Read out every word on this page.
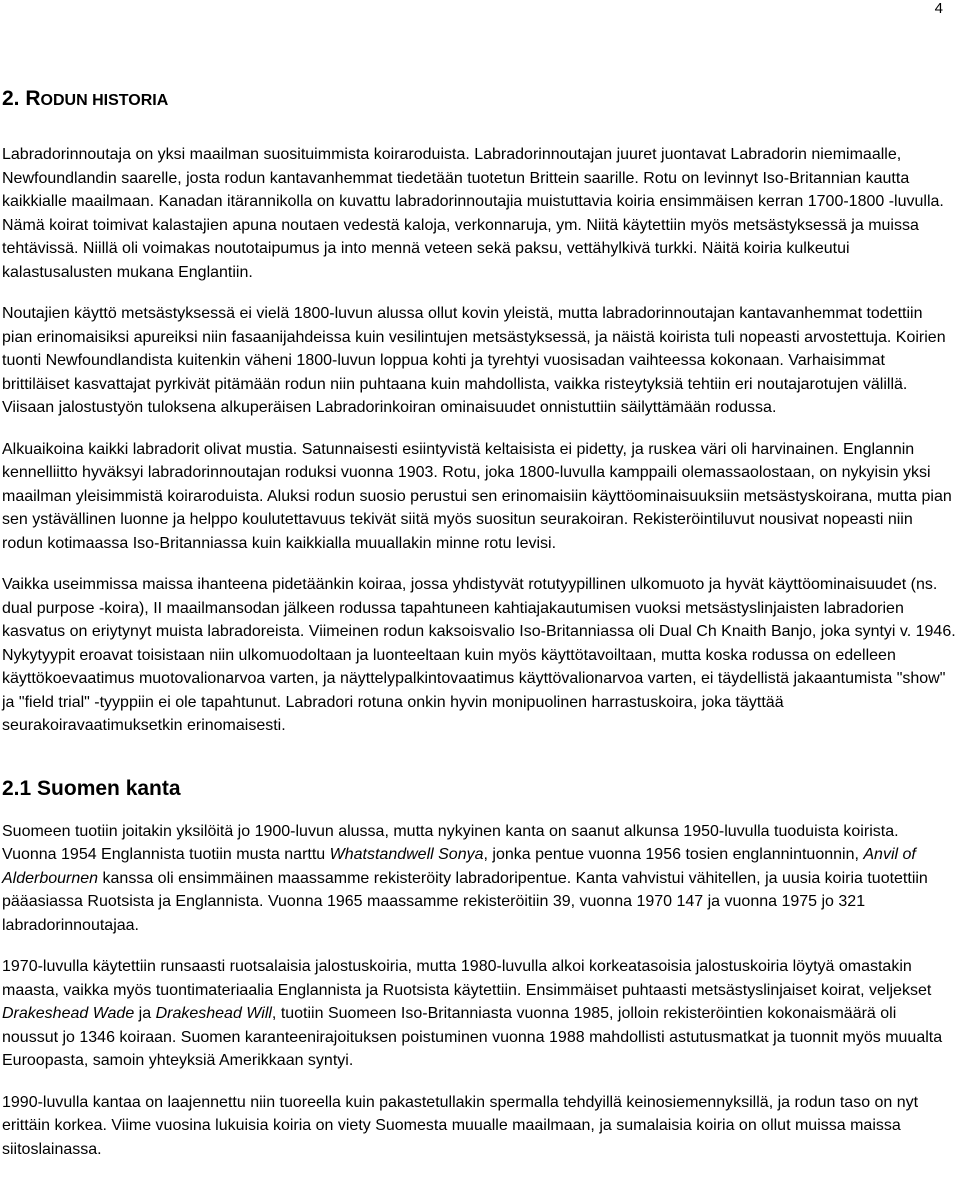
4
2. RODUN HISTORIA

Labradorinnoutaja on yksi maailman suosituimmista koiraroduista. Labradorinnoutajan juuret juontavat Labradorin niemimaalle, Newfoundlandin saarelle, josta rodun kantavanhemmat tiedetään tuotetun Brittein saarille. Rotu on levinnyt Iso-Britannian kautta kaikkialle maailmaan. Kanadan itärannikolla on kuvattu labradorinnoutajia muistuttavia koiria ensimmäisen kerran 1700-1800 -luvulla. Nämä koirat toimivat kalastajien apuna noutaen vedestä kaloja, verkonnaruja, ym. Niitä käytettiin myös metsästyksessä ja muissa tehtävissä. Niillä oli voimakas noutotaipumus ja into mennä veteen sekä paksu, vettähylkivä turkki. Näitä koiria kulkeutui kalastusalusten mukana Englantiin.

Noutajien käyttö metsästyksessä ei vielä 1800-luvun alussa ollut kovin yleistä, mutta labradorinnoutajan kantavanhemmat todettiin pian erinomaisiksi apureiksi niin fasaanijahdeissa kuin vesilintujen metsästyksessä, ja näistä koirista tuli nopeasti arvostettuja. Koirien tuonti Newfoundlandista kuitenkin väheni 1800-luvun loppua kohti ja tyrehtyi vuosisadan vaihteessa kokonaan. Varhaisimmat brittiläiset kasvattajat pyrkivät pitämään rodun niin puhtaana kuin mahdollista, vaikka risteytyksiä tehtiin eri noutajarotujen välillä. Viisaan jalostustyön tuloksena alkuperäisen Labradorinkoiran ominaisuudet onnistuttiin säilyttämään rodussa.

Alkuaikoina kaikki labradorit olivat mustia. Satunnaisesti esiintyvistä keltaisista ei pidetty, ja ruskea väri oli harvinainen. Englannin kennelliitto hyväksyi labradorinnoutajan roduksi vuonna 1903. Rotu, joka 1800-luvulla kamppaili olemassaolostaan, on nykyisin yksi maailman yleisimmistä koiraroduista. Aluksi rodun suosio perustui sen erinomaisiin käyttöominaisuuksiin metsästyskoirana, mutta pian sen ystävällinen luonne ja helppo koulutettavuus tekivät siitä myös suositun seurakoiran. Rekisteröintiluvut nousivat nopeasti niin rodun kotimaassa Iso-Britanniassa kuin kaikkialla muuallakin minne rotu levisi.

Vaikka useimmissa maissa ihanteena pidetäänkin koiraa, jossa yhdistyvät rotutyypillinen ulkomuoto ja hyvät käyttöominaisuudet (ns. dual purpose -koira), II maailmansodan jälkeen rodussa tapahtuneen kahtiajakautumisen vuoksi metsästyslinjaisten labradorien kasvatus on eriytynyt muista labradoreista. Viimeinen rodun kaksoisvalio Iso-Britanniassa oli Dual Ch Knaith Banjo, joka syntyi v. 1946. Nykytyypit eroavat toisistaan niin ulkomuodoltaan ja luonteeltaan kuin myös käyttötavoiltaan, mutta koska rodussa on edelleen käyttökoevaatimus muotovalionarvoa varten, ja näyttelypalkintovaatimus käyttövalionarvoa varten, ei täydellistä jakaantumista "show" ja "field trial" -tyyppiin ei ole tapahtunut. Labradori rotuna onkin hyvin monipuolinen harrastuskoira, joka täyttää seurakoiravaatimuksetkin erinomaisesti.

2.1 Suomen kanta

Suomeen tuotiin joitakin yksilöitä jo 1900-luvun alussa, mutta nykyinen kanta on saanut alkunsa 1950-luvulla tuoduista koirista. Vuonna 1954 Englannista tuotiin musta narttu Whatstandwell Sonya, jonka pentue vuonna 1956 tosien englannintuonnin, Anvil of Alderbournen kanssa oli ensimmäinen maassamme rekisteröity labradoripentue. Kanta vahvistui vähitellen, ja uusia koiria tuotettiin pääasiassa Ruotsista ja Englannista. Vuonna 1965 maassamme rekisteröitiin 39, vuonna 1970 147 ja vuonna 1975 jo 321 labradorinnoutajaa.

1970-luvulla käytettiin runsaasti ruotsalaisia jalostuskoiria, mutta 1980-luvulla alkoi korkeatasoisia jalostuskoiria löytyä omastakin maasta, vaikka myös tuontimateriaalia Englannista ja Ruotsista käytettiin. Ensimmäiset puhtaasti metsästyslinjaiset koirat, veljekset Drakeshead Wade ja Drakeshead Will, tuotiin Suomeen Iso-Britanniasta vuonna 1985, jolloin rekisteröintien kokonaismäärä oli noussut jo 1346 koiraan. Suomen karanteenirajoituksen poistuminen vuonna 1988 mahdollisti astutusmatkat ja tuonnit myös muualta Euroopasta, samoin yhteyksiä Amerikkaan syntyi.

1990-luvulla kantaa on laajennettu niin tuoreella kuin pakastetullakin spermalla tehdyillä keinosiemennyksillä, ja rodun taso on nyt erittäin korkea. Viime vuosina lukuisia koiria on viety Suomesta muualle maailmaan, ja sumalaisia koiria on ollut muissa maissa siitoslainassa.
